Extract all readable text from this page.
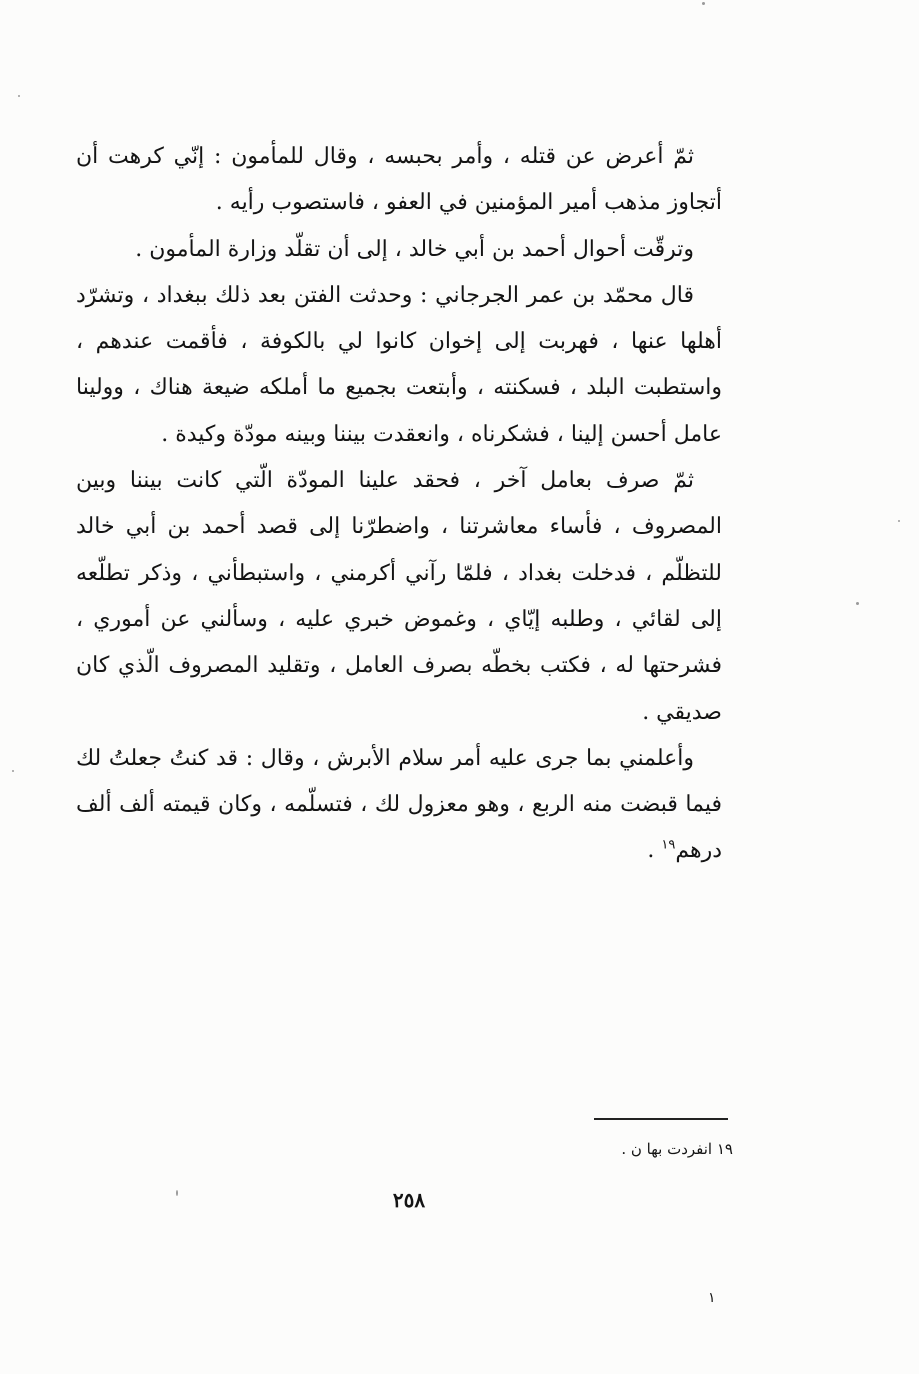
ثمّ أعرض عن قتله ، وأمر بحبسه ، وقال للمأمون : إنّي كرهت أن أتجاوز مذهب أمير المؤمنين في العفو ، فاستصوب رأيه .

وترقّت أحوال أحمد بن أبي خالد ، إلى أن تقلّد وزارة المأمون .

قال محمّد بن عمر الجرجاني : وحدثت الفتن بعد ذلك ببغداد ، وتشرّد أهلها عنها ، فهربت إلى إخوان كانوا لي بالكوفة ، فأقمت عندهم ، واستطبت البلد ، فسكنته ، وأبتعت بجميع ما أملكه ضيعة هناك ، وولينا عامل أحسن إلينا ، فشكرناه ، وانعقدت بيننا وبينه مودّة وكيدة .

ثمّ صرف بعامل آخر ، فحقد علينا المودّة الّتي كانت بيننا وبين المصروف ، فأساء معاشرتنا ، واضطرّنا إلى قصد أحمد بن أبي خالد للتظلّم ، فدخلت بغداد ، فلمّا رآني أكرمني ، واستبطأني ، وذكر تطلّعه إلى لقائي ، وطلبه إيّاي ، وغموض خبري عليه ، وسألني عن أموري ، فشرحتها له ، فكتب بخطّه بصرف العامل ، وتقليد المصروف الّذي كان صديقي .

وأعلمني بما جرى عليه أمر سلام الأبرش ، وقال : قد كنتُ جعلتُ لك فيما قبضت منه الربع ، وهو معزول لك ، فتسلّمه ، وكان قيمته ألف ألف درهم$^{١٩}$ .

١٩ انفردت بها ن .
٢٥٨
١
